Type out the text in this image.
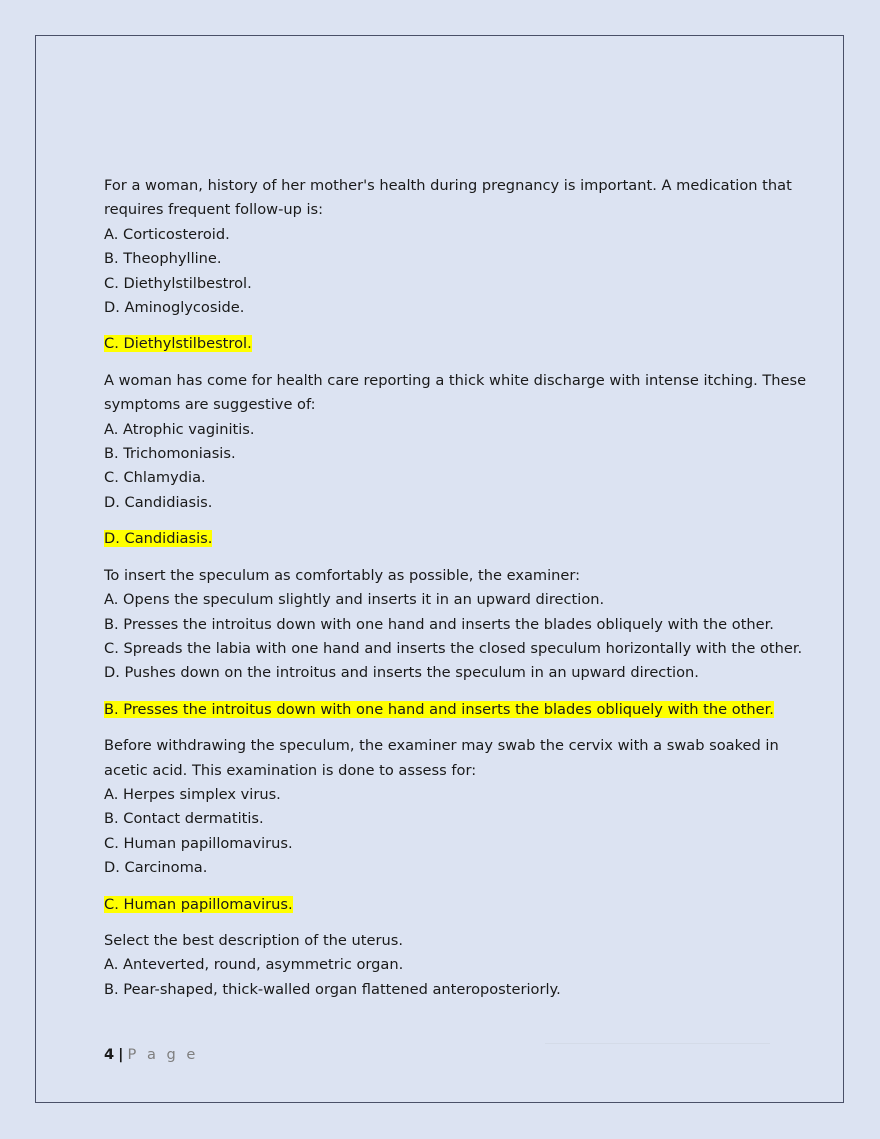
For a woman, history of her mother's health during pregnancy is important. A medication that
requires frequent follow-up is:
A. Corticosteroid.
B. Theophylline.
C. Diethylstilbestrol.
D. Aminoglycoside.
C. Diethylstilbestrol.
A woman has come for health care reporting a thick white discharge with intense itching. These
symptoms are suggestive of:
A. Atrophic vaginitis.
B. Trichomoniasis.
C. Chlamydia.
D. Candidiasis.
D. Candidiasis.
To insert the speculum as comfortably as possible, the examiner:
A. Opens the speculum slightly and inserts it in an upward direction.
B. Presses the introitus down with one hand and inserts the blades obliquely with the other.
C. Spreads the labia with one hand and inserts the closed speculum horizontally with the other.
D. Pushes down on the introitus and inserts the speculum in an upward direction.
B. Presses the introitus down with one hand and inserts the blades obliquely with the other.
Before withdrawing the speculum, the examiner may swab the cervix with a swab soaked in
acetic acid. This examination is done to assess for:
A. Herpes simplex virus.
B. Contact dermatitis.
C. Human papillomavirus.
D. Carcinoma.
C. Human papillomavirus.
Select the best description of the uterus.
A. Anteverted, round, asymmetric organ.
B. Pear-shaped, thick-walled organ flattened anteroposteriorly.
4 | P a g e
